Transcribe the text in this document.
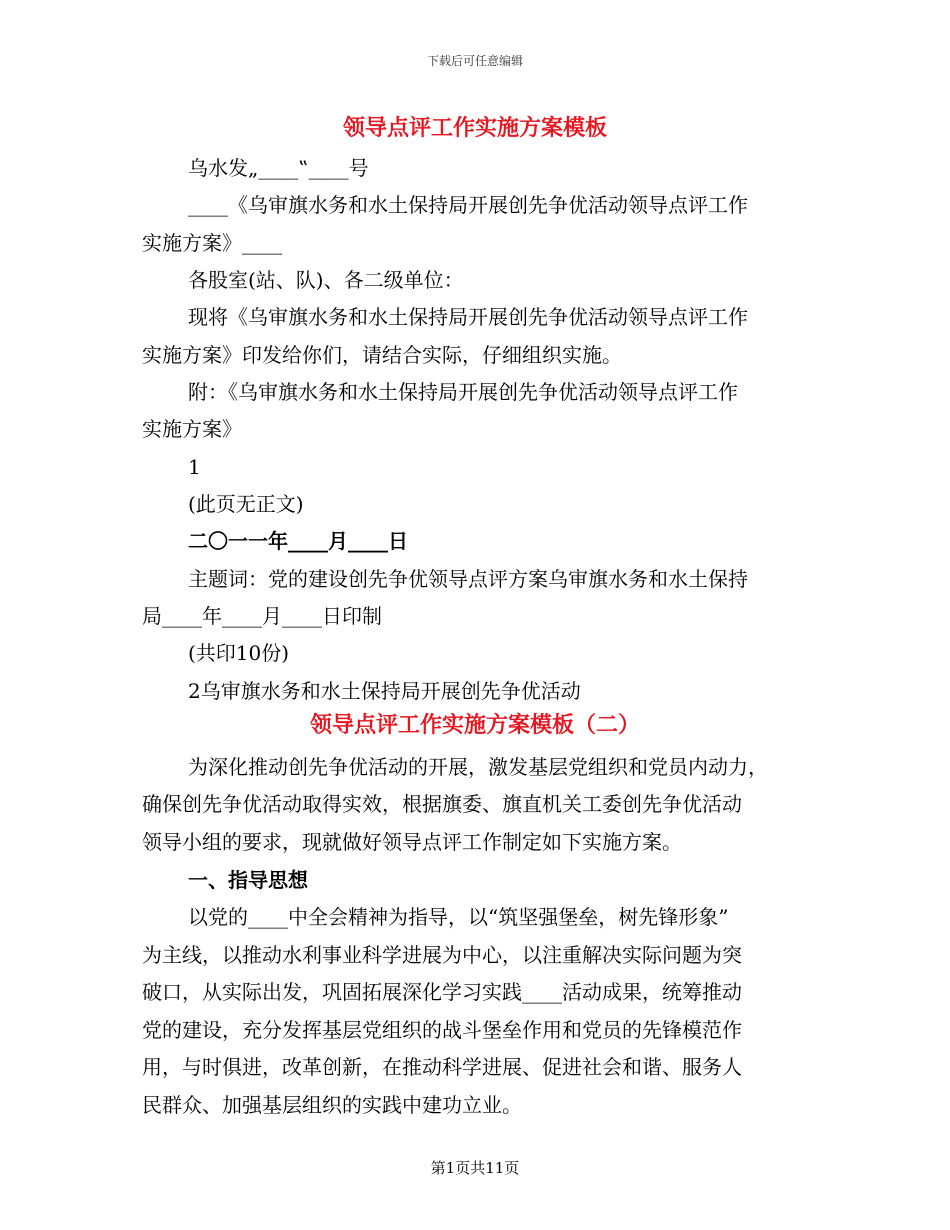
下载后可任意编辑
领导点评工作实施方案模板
乌水发„____‟____号
____《乌审旗水务和水土保持局开展创先争优活动领导点评工作
实施方案》____
各股室(站、队)、各二级单位：
现将《乌审旗水务和水土保持局开展创先争优活动领导点评工作
实施方案》印发给你们，请结合实际，仔细组织实施。
附：《乌审旗水务和水土保持局开展创先争优活动领导点评工作
实施方案》
1
(此页无正文)
二〇一一年____月____日
主题词：党的建设创先争优领导点评方案乌审旗水务和水土保持
局____年____月____日印制
(共印10份)
2乌审旗水务和水土保持局开展创先争优活动
领导点评工作实施方案模板（二）
为深化推动创先争优活动的开展，激发基层党组织和党员内动力，
确保创先争优活动取得实效，根据旗委、旗直机关工委创先争优活动
领导小组的要求，现就做好领导点评工作制定如下实施方案。
一、指导思想
以党的____中全会精神为指导，以“筑坚强堡垒，树先锋形象”
为主线，以推动水利事业科学进展为中心，以注重解决实际问题为突
破口，从实际出发，巩固拓展深化学习实践____活动成果，统筹推动
党的建设，充分发挥基层党组织的战斗堡垒作用和党员的先锋模范作
用，与时俱进，改革创新，在推动科学进展、促进社会和谐、服务人
民群众、加强基层组织的实践中建功立业。
第1页共11页
